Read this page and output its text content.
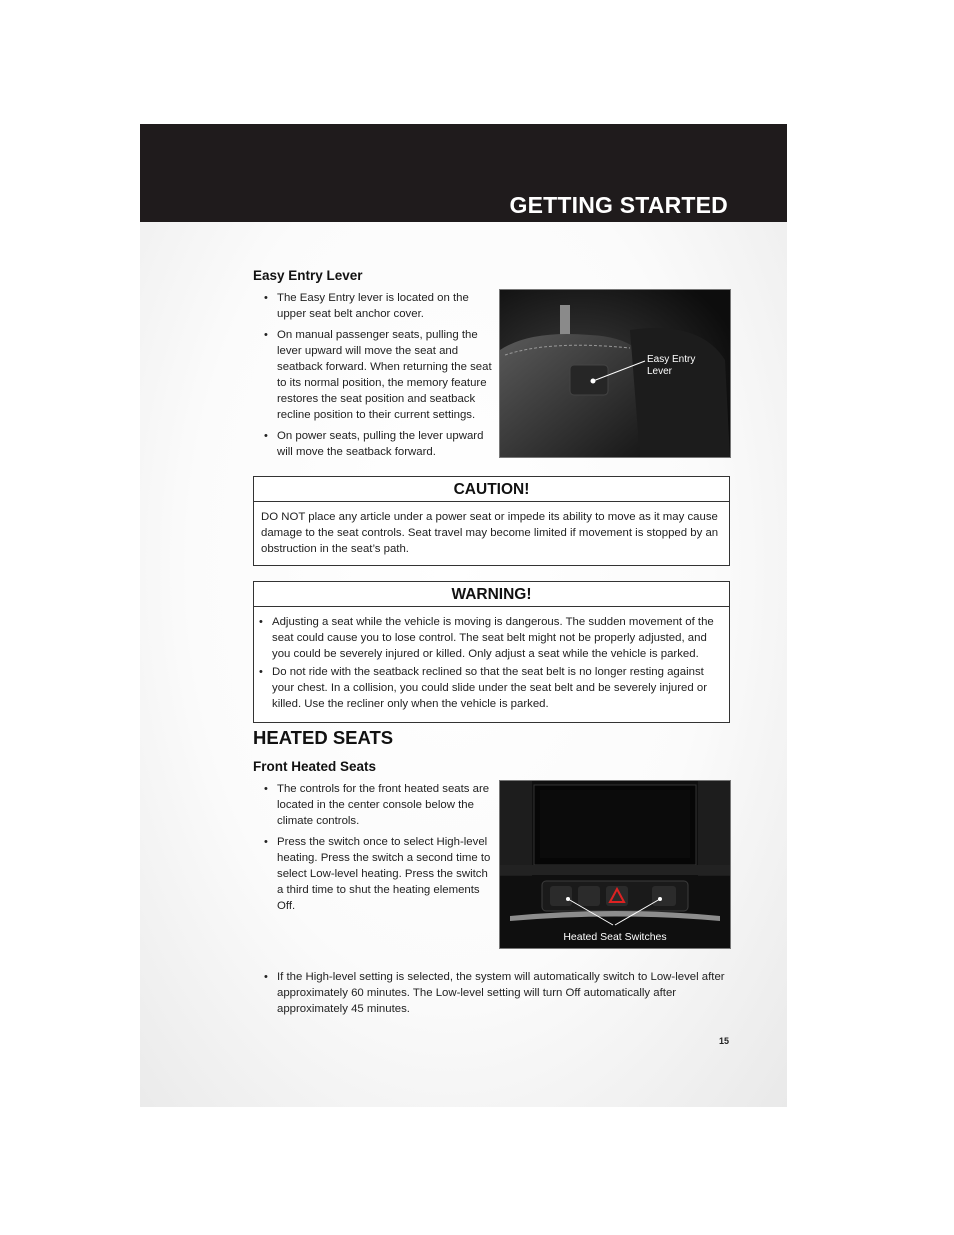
GETTING STARTED
Easy Entry Lever
• The Easy Entry lever is located on the upper seat belt anchor cover.
• On manual passenger seats, pulling the lever upward will move the seat and seatback forward. When returning the seat to its normal position, the memory feature restores the seat position and seatback recline position to their current settings.
• On power seats, pulling the lever upward will move the seatback forward.
Easy Entry
Lever
CAUTION!
DO NOT place any article under a power seat or impede its ability to move as it may cause damage to the seat controls. Seat travel may become limited if movement is stopped by an obstruction in the seat’s path.
WARNING!
• Adjusting a seat while the vehicle is moving is dangerous. The sudden movement of the seat could cause you to lose control. The seat belt might not be properly adjusted, and you could be severely injured or killed. Only adjust a seat while the vehicle is parked.
• Do not ride with the seatback reclined so that the seat belt is no longer resting against your chest. In a collision, you could slide under the seat belt and be severely injured or killed. Use the recliner only when the vehicle is parked.
HEATED SEATS
Front Heated Seats
• The controls for the front heated seats are located in the center console below the climate controls.
• Press the switch once to select High-level heating. Press the switch a second time to select Low-level heating. Press the switch a third time to shut the heating elements Off.
Heated Seat Switches
• If the High-level setting is selected, the system will automatically switch to Low-level after approximately 60 minutes. The Low-level setting will turn Off automatically after approximately 45 minutes.
15
